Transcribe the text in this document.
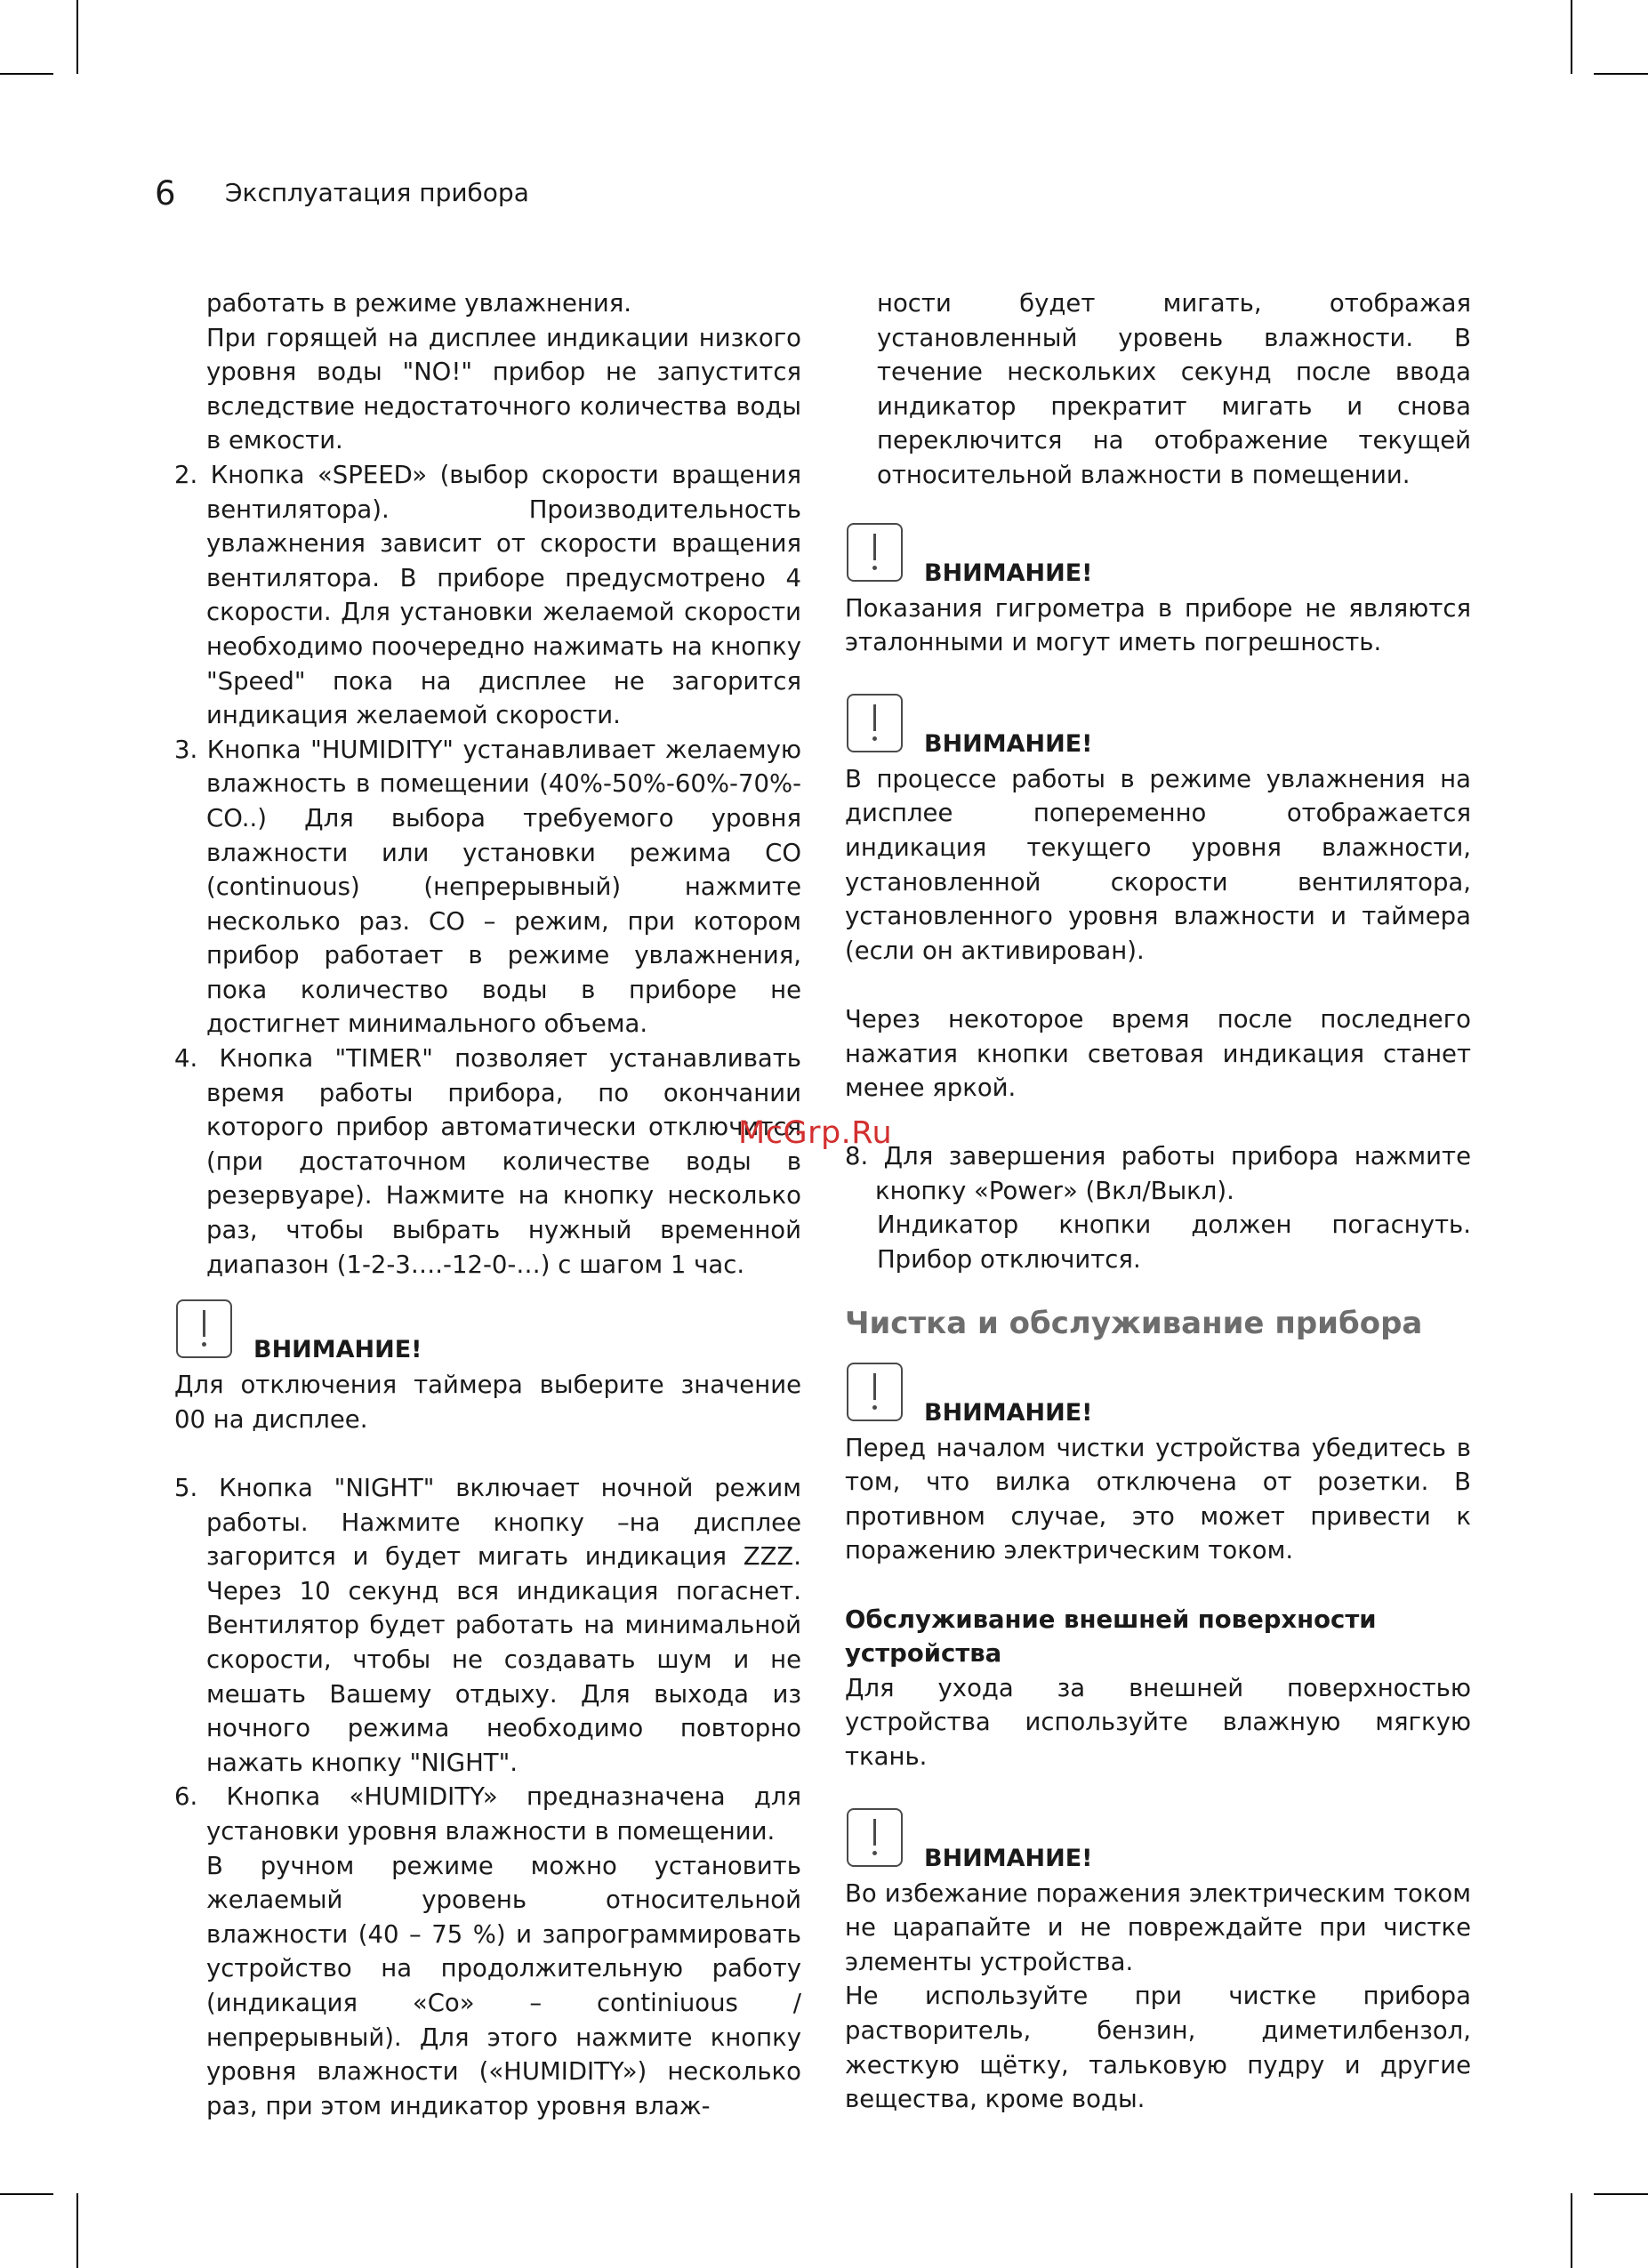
6 Эксплуатация прибора

работать в режиме увлажнения.

При горящей на дисплее индикации низкого уровня воды "NO!" прибор не запустится вследствие недостаточного количества воды в емкости.

2. Кнопка «SPEED» (выбор скорости вращения вентилятора). Производительность увлажнения зависит от скорости вращения вентилятора. В приборе предусмотрено 4 скорости. Для установки желаемой скорости необходимо поочередно нажимать на кнопку "Speed" пока на дисплее не загорится индикация желаемой скорости.

3. Кнопка "HUMIDITY" устанавливает желаемую влажность в помещении (40%-50%-60%-70%-CO..) Для выбора требуемого уровня влажности или установки режима CO (continuous) (непрерывный) нажмите несколько раз. CO – режим, при котором прибор работает в режиме увлажнения, пока количество воды в приборе не достигнет минимального объема.

4. Кнопка "TIMER" позволяет устанавливать время работы прибора, по окончании которого прибор автоматически отключится (при достаточном количестве воды в резервуаре). Нажмите на кнопку несколько раз, чтобы выбрать нужный временной диапазон (1-2-3….-12-0-…) с шагом 1 час.

ВНИМАНИЕ!

Для отключения таймера выберите значение 00 на дисплее.

5. Кнопка "NIGHT" включает ночной режим работы. Нажмите кнопку –на дисплее загорится и будет мигать индикация ZZZ. Через 10 секунд вся индикация погаснет. Вентилятор будет работать на минимальной скорости, чтобы не создавать шум и не мешать Вашему отдыху. Для выхода из ночного режима необходимо повторно нажать кнопку "NIGHT".

6. Кнопка «HUMIDITY» предназначена для установки уровня влажности в помещении.

В ручном режиме можно установить желаемый уровень относительной влажности (40 – 75 %) и запрограммировать устройство на продолжительную работу (индикация «Co» – continiuous / непрерывный). Для этого нажмите кнопку уровня влажности («HUMIDITY») несколько раз, при этом индикатор уровня влаж-

ности будет мигать, отображая установленный уровень влажности. В течение нескольких секунд после ввода индикатор прекратит мигать и снова переключится на отображение текущей относительной влажности в помещении.

ВНИМАНИЕ!

Показания гигрометра в приборе не являются эталонными и могут иметь погрешность.

ВНИМАНИЕ!

В процессе работы в режиме увлажнения на дисплее попеременно отображается индикация текущего уровня влажности, установленной скорости вентилятора, установленного уровня влажности и таймера (если он активирован).

Через некоторое время после последнего нажатия кнопки световая индикация станет менее яркой.

8. Для завершения работы прибора нажмите кнопку «Power» (Вкл/Выкл).

Индикатор кнопки должен погаснуть. Прибор отключится.

Чистка и обслуживание прибора

ВНИМАНИЕ!

Перед началом чистки устройства убедитесь в том, что вилка отключена от розетки. В противном случае, это может привести к поражению электрическим током.

Обслуживание внешней поверхности устройства

Для ухода за внешней поверхностью устройства используйте влажную мягкую ткань.

ВНИМАНИЕ!

Во избежание поражения электрическим током не царапайте и не повреждайте при чистке элементы устройства.

Не используйте при чистке прибора растворитель, бензин, диметилбензол, жесткую щётку, тальковую пудру и другие вещества, кроме воды.

McGrp.Ru
